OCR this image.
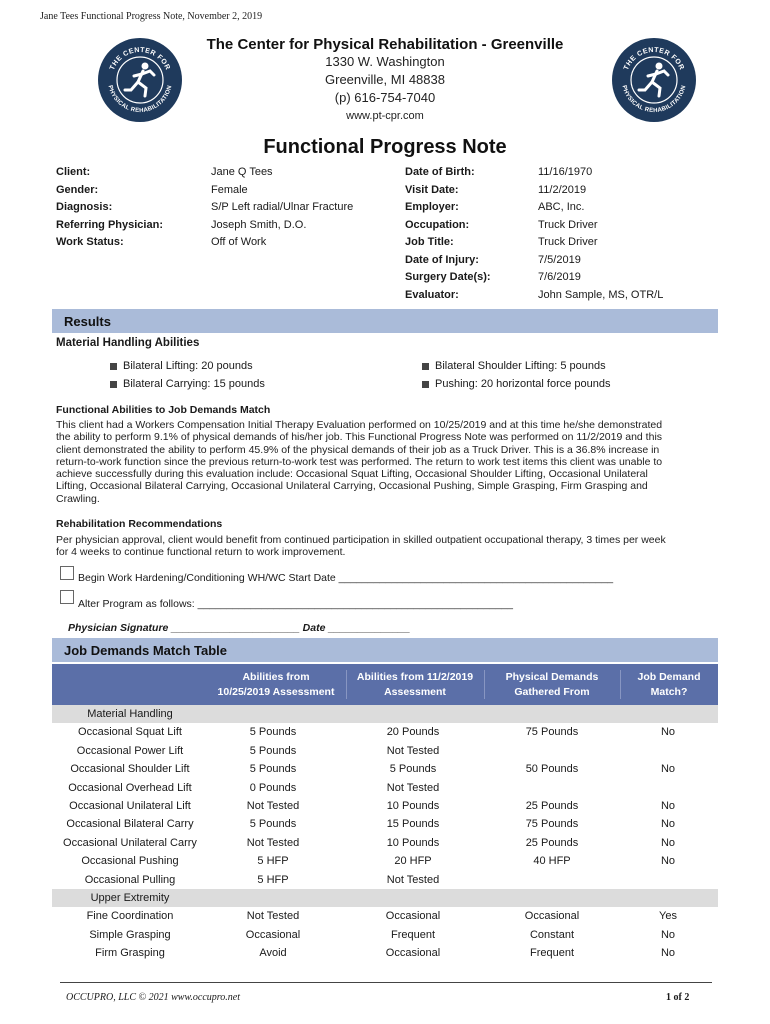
Jane Tees Functional Progress Note, November 2, 2019
THE CENTER FOR
PHYSICAL REHABILITATION
THE CENTER FOR
PHYSICAL REHABILITATION
The Center for Physical Rehabilitation - Greenville
1330 W. Washington
Greenville, MI 48838
(p) 616-754-7040
www.pt-cpr.com
Functional Progress Note
Client:	Jane Q Tees
Gender:	Female
Diagnosis:	S/P Left radial/Ulnar Fracture
Referring Physician:	Joseph Smith, D.O.
Work Status:	Off of Work
Date of Birth:	11/16/1970
Visit Date:	11/2/2019
Employer:	ABC, Inc.
Occupation:	Truck Driver
Job Title:	Truck Driver
Date of Injury:	7/5/2019
Surgery Date(s):	7/6/2019
Evaluator:	John Sample, MS, OTR/L
Results
Material Handling Abilities
Bilateral Lifting: 20 pounds
Bilateral Carrying: 15 pounds
Bilateral Shoulder Lifting: 5 pounds
Pushing: 20 horizontal force pounds
Functional Abilities to Job Demands Match
This client had a Workers Compensation Initial Therapy Evaluation performed on 10/25/2019 and at this time he/she demonstrated
the ability to perform 9.1% of physical demands of his/her job. This Functional Progress Note was performed on 11/2/2019 and this
client demonstrated the ability to perform 45.9% of the physical demands of their job as a Truck Driver. This is a 36.8% increase in
return-to-work function since the previous return-to-work test was performed. The return to work test items this client was unable to
achieve successfully during this evaluation include: Occasional Squat Lifting, Occasional Shoulder Lifting, Occasional Unilateral
Lifting, Occasional Bilateral Carrying, Occasional Unilateral Carrying, Occasional Pushing, Simple Grasping, Firm Grasping and
Crawling.
Rehabilitation Recommendations
Per physician approval, client would benefit from continued participation in skilled outpatient occupational therapy, 3 times per week
for 4 weeks to continue functional return to work improvement.
Begin Work Hardening/Conditioning WH/WC Start Date _______________________________________________
Alter Program as follows: ______________________________________________________
Physician Signature ______________________ Date ______________
Job Demands Match Table
Abilities from
10/25/2019 Assessment
Abilities from 11/2/2019
Assessment
Physical Demands
Gathered From
Job Demand
Match?
Material Handling
Occasional Squat Lift	5 Pounds	20 Pounds	75 Pounds	No
Occasional Power Lift	5 Pounds	Not Tested
Occasional Shoulder Lift	5 Pounds	5 Pounds	50 Pounds	No
Occasional Overhead Lift	0 Pounds	Not Tested
Occasional Unilateral Lift	Not Tested	10 Pounds	25 Pounds	No
Occasional Bilateral Carry	5 Pounds	15 Pounds	75 Pounds	No
Occasional Unilateral Carry	Not Tested	10 Pounds	25 Pounds	No
Occasional Pushing	5 HFP	20 HFP	40 HFP	No
Occasional Pulling	5 HFP	Not Tested
Upper Extremity
Fine Coordination	Not Tested	Occasional	Occasional	Yes
Simple Grasping	Occasional	Frequent	Constant	No
Firm Grasping	Avoid	Occasional	Frequent	No
OCCUPRO, LLC © 2021 www.occupro.net	1 of 2
